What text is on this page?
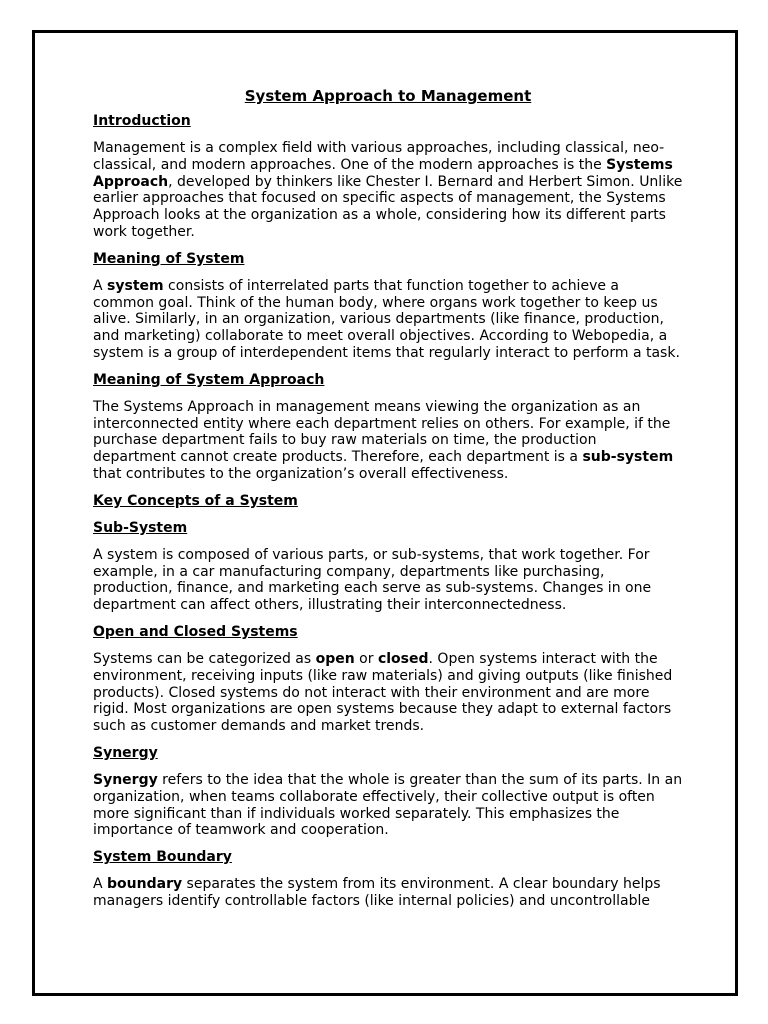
System Approach to Management
Introduction

Management is a complex field with various approaches, including classical, neo-classical, and modern approaches. One of the modern approaches is the Systems Approach, developed by thinkers like Chester I. Bernard and Herbert Simon. Unlike earlier approaches that focused on specific aspects of management, the Systems Approach looks at the organization as a whole, considering how its different parts work together.

Meaning of System

A system consists of interrelated parts that function together to achieve a common goal. Think of the human body, where organs work together to keep us alive. Similarly, in an organization, various departments (like finance, production, and marketing) collaborate to meet overall objectives. According to Webopedia, a system is a group of interdependent items that regularly interact to perform a task.

Meaning of System Approach

The Systems Approach in management means viewing the organization as an interconnected entity where each department relies on others. For example, if the purchase department fails to buy raw materials on time, the production department cannot create products. Therefore, each department is a sub-system that contributes to the organization’s overall effectiveness.

Key Concepts of a System
Sub-System

A system is composed of various parts, or sub-systems, that work together. For example, in a car manufacturing company, departments like purchasing, production, finance, and marketing each serve as sub-systems. Changes in one department can affect others, illustrating their interconnectedness.

Open and Closed Systems

Systems can be categorized as open or closed. Open systems interact with the environment, receiving inputs (like raw materials) and giving outputs (like finished products). Closed systems do not interact with their environment and are more rigid. Most organizations are open systems because they adapt to external factors such as customer demands and market trends.

Synergy

Synergy refers to the idea that the whole is greater than the sum of its parts. In an organization, when teams collaborate effectively, their collective output is often more significant than if individuals worked separately. This emphasizes the importance of teamwork and cooperation.

System Boundary

A boundary separates the system from its environment. A clear boundary helps managers identify controllable factors (like internal policies) and uncontrollable
